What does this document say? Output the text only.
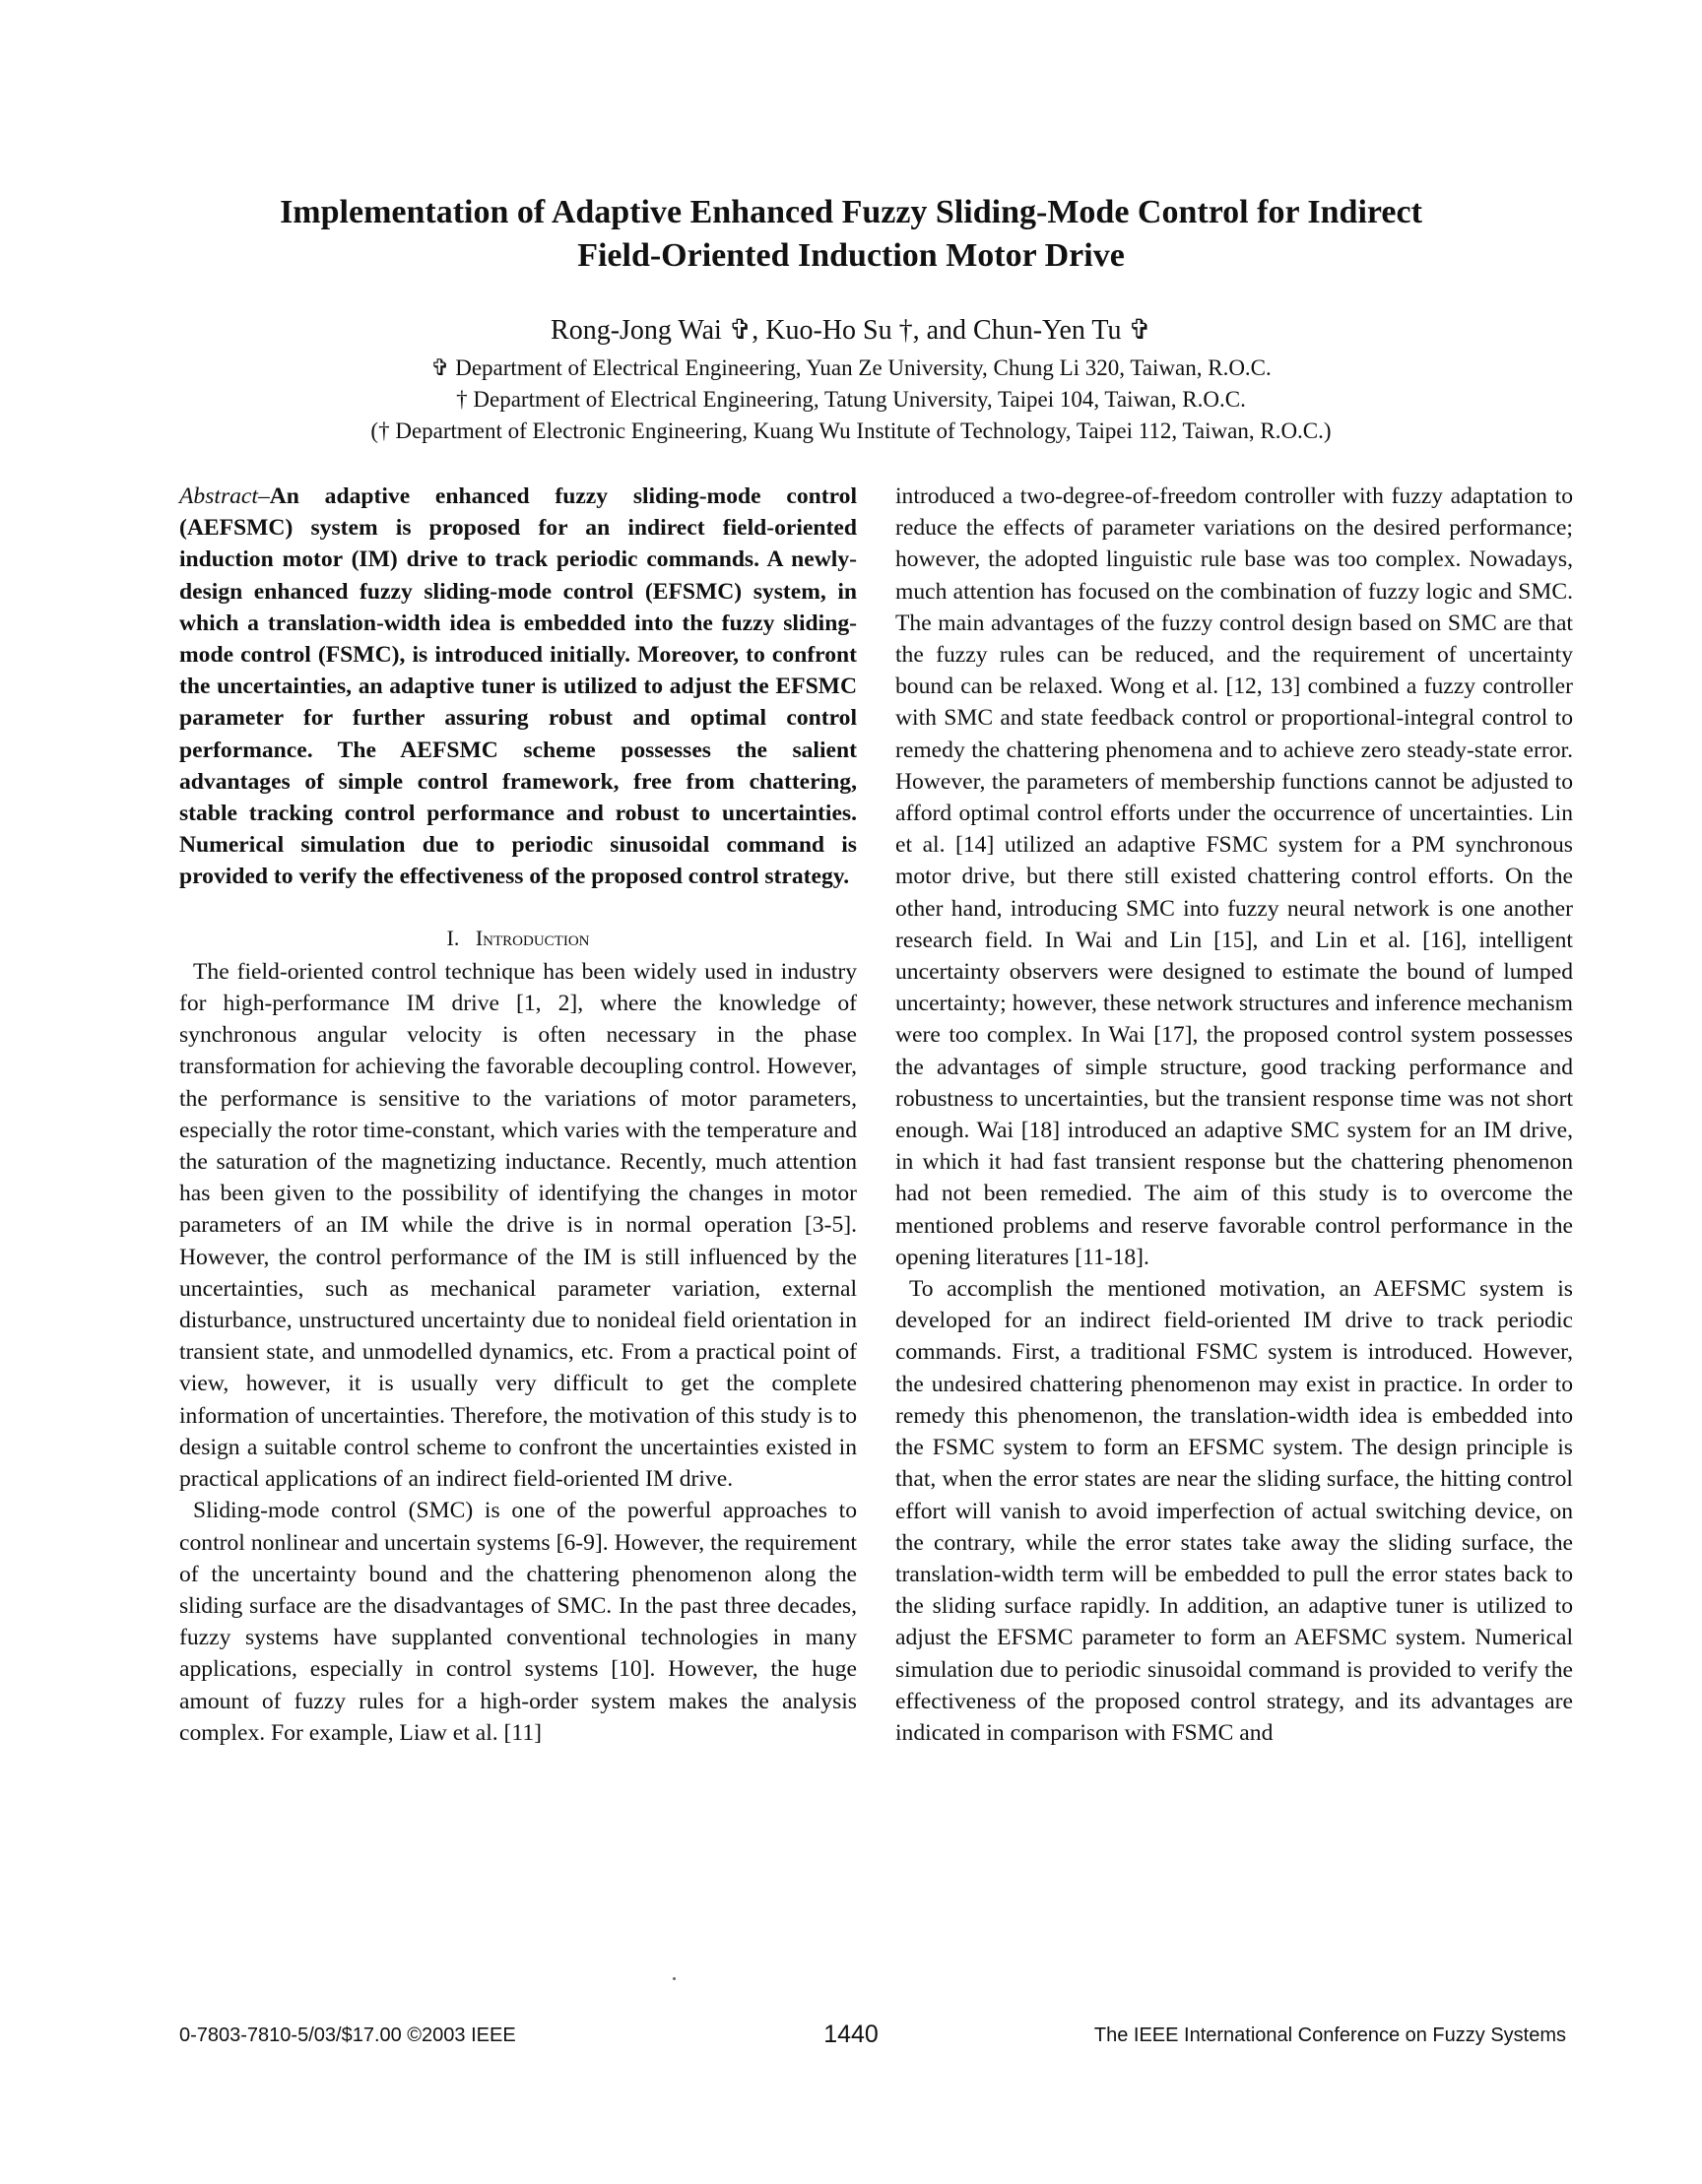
Implementation of Adaptive Enhanced Fuzzy Sliding-Mode Control for Indirect
Field-Oriented Induction Motor Drive
Rong-Jong Wai ✞, Kuo-Ho Su †, and Chun-Yen Tu ✞
✞ Department of Electrical Engineering, Yuan Ze University, Chung Li 320, Taiwan, R.O.C.
† Department of Electrical Engineering, Tatung University, Taipei 104, Taiwan, R.O.C.
(† Department of Electronic Engineering, Kuang Wu Institute of Technology, Taipei 112, Taiwan, R.O.C.)

Abstract–An adaptive enhanced fuzzy sliding-mode control (AEFSMC) system is proposed for an indirect field-oriented induction motor (IM) drive to track periodic commands. A newly-design enhanced fuzzy sliding-mode control (EFSMC) system, in which a translation-width idea is embedded into the fuzzy sliding-mode control (FSMC), is introduced initially. Moreover, to confront the uncertainties, an adaptive tuner is utilized to adjust the EFSMC parameter for further assuring robust and optimal control performance. The AEFSMC scheme possesses the salient advantages of simple control framework, free from chattering, stable tracking control performance and robust to uncertainties. Numerical simulation due to periodic sinusoidal command is provided to verify the effectiveness of the proposed control strategy.

I. Introduction

The field-oriented control technique has been widely used in industry for high-performance IM drive [1, 2], where the knowledge of synchronous angular velocity is often necessary in the phase transformation for achieving the favorable decoupling control. However, the performance is sensitive to the variations of motor parameters, especially the rotor time-constant, which varies with the temperature and the saturation of the magnetizing inductance. Recently, much attention has been given to the possibility of identifying the changes in motor parameters of an IM while the drive is in normal operation [3-5]. However, the control performance of the IM is still influenced by the uncertainties, such as mechanical parameter variation, external disturbance, unstructured uncertainty due to nonideal field orientation in transient state, and unmodelled dynamics, etc. From a practical point of view, however, it is usually very difficult to get the complete information of uncertainties. Therefore, the motivation of this study is to design a suitable control scheme to confront the uncertainties existed in practical applications of an indirect field-oriented IM drive.

Sliding-mode control (SMC) is one of the powerful approaches to control nonlinear and uncertain systems [6-9]. However, the requirement of the uncertainty bound and the chattering phenomenon along the sliding surface are the disadvantages of SMC. In the past three decades, fuzzy systems have supplanted conventional technologies in many applications, especially in control systems [10]. However, the huge amount of fuzzy rules for a high-order system makes the analysis complex. For example, Liaw et al. [11]

introduced a two-degree-of-freedom controller with fuzzy adaptation to reduce the effects of parameter variations on the desired performance; however, the adopted linguistic rule base was too complex. Nowadays, much attention has focused on the combination of fuzzy logic and SMC. The main advantages of the fuzzy control design based on SMC are that the fuzzy rules can be reduced, and the requirement of uncertainty bound can be relaxed. Wong et al. [12, 13] combined a fuzzy controller with SMC and state feedback control or proportional-integral control to remedy the chattering phenomena and to achieve zero steady-state error. However, the parameters of membership functions cannot be adjusted to afford optimal control efforts under the occurrence of uncertainties. Lin et al. [14] utilized an adaptive FSMC system for a PM synchronous motor drive, but there still existed chattering control efforts. On the other hand, introducing SMC into fuzzy neural network is one another research field. In Wai and Lin [15], and Lin et al. [16], intelligent uncertainty observers were designed to estimate the bound of lumped uncertainty; however, these network structures and inference mechanism were too complex. In Wai [17], the proposed control system possesses the advantages of simple structure, good tracking performance and robustness to uncertainties, but the transient response time was not short enough. Wai [18] introduced an adaptive SMC system for an IM drive, in which it had fast transient response but the chattering phenomenon had not been remedied. The aim of this study is to overcome the mentioned problems and reserve favorable control performance in the opening literatures [11-18].

To accomplish the mentioned motivation, an AEFSMC system is developed for an indirect field-oriented IM drive to track periodic commands. First, a traditional FSMC system is introduced. However, the undesired chattering phenomenon may exist in practice. In order to remedy this phenomenon, the translation-width idea is embedded into the FSMC system to form an EFSMC system. The design principle is that, when the error states are near the sliding surface, the hitting control effort will vanish to avoid imperfection of actual switching device, on the contrary, while the error states take away the sliding surface, the translation-width term will be embedded to pull the error states back to the sliding surface rapidly. In addition, an adaptive tuner is utilized to adjust the EFSMC parameter to form an AEFSMC system. Numerical simulation due to periodic sinusoidal command is provided to verify the effectiveness of the proposed control strategy, and its advantages are indicated in comparison with FSMC and

0-7803-7810-5/03/$17.00 ©2003 IEEE	1440	The IEEE International Conference on Fuzzy Systems
